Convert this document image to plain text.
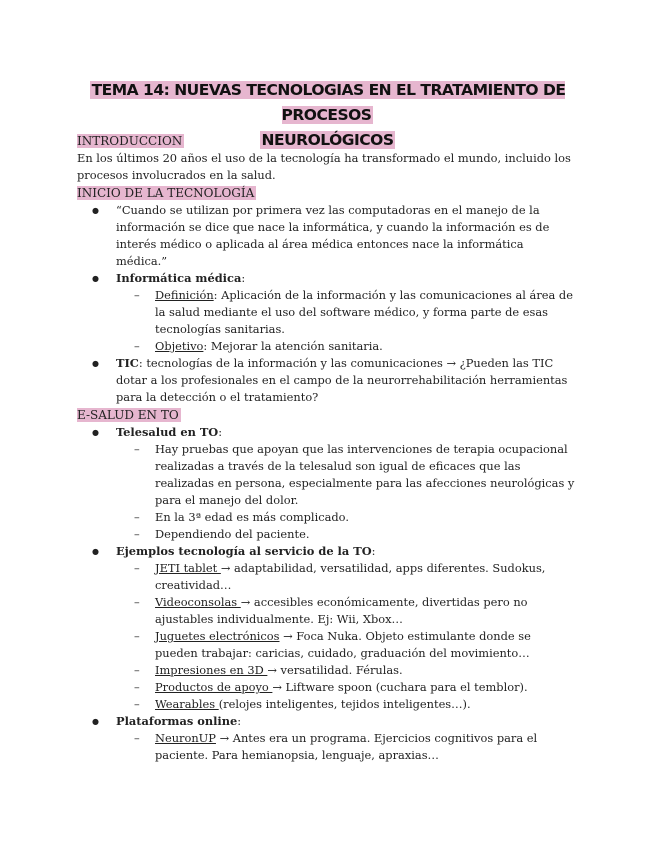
TEMA 14: NUEVAS TECNOLOGIAS EN EL TRATAMIENTO DE PROCESOS
NEUROLÓGICOS
INTRODUCCION

En los últimos 20 años el uso de la tecnología ha transformado el mundo, incluido los procesos involucrados en la salud.

INICIO DE LA TECNOLOGÍA
● “Cuando se utilizan por primera vez las computadoras en el manejo de la información se dice que nace la informática, y cuando la información es de interés médico o aplicada al área médica entonces nace la informática médica.”
● Informática médica:
– Definición: Aplicación de la información y las comunicaciones al área de la salud mediante el uso del software médico, y forma parte de esas tecnologías sanitarias.
– Objetivo: Mejorar la atención sanitaria.
● TIC: tecnologías de la información y las comunicaciones → ¿Pueden las TIC dotar a los profesionales en el campo de la neurorrehabilitación herramientas para la detección o el tratamiento?
E-SALUD EN TO
● Telesalud en TO:
– Hay pruebas que apoyan que las intervenciones de terapia ocupacional realizadas a través de la telesalud son igual de eficaces que las realizadas en persona, especialmente para las afecciones neurológicas y para el manejo del dolor.
– En la 3ª edad es más complicado.
– Dependiendo del paciente.
● Ejemplos tecnología al servicio de la TO:
– JETI tablet → adaptabilidad, versatilidad, apps diferentes. Sudokus, creatividad…
– Videoconsolas → accesibles económicamente, divertidas pero no ajustables individualmente. Ej: Wii, Xbox…
– Juguetes electrónicos → Foca Nuka. Objeto estimulante donde se pueden trabajar: caricias, cuidado, graduación del movimiento…
– Impresiones en 3D → versatilidad. Férulas.
– Productos de apoyo → Liftware spoon (cuchara para el temblor).
– Wearables (relojes inteligentes, tejidos inteligentes…).
● Plataformas online:
– NeuronUP → Antes era un programa. Ejercicios cognitivos para el paciente. Para hemianopsia, lenguaje, apraxias…
